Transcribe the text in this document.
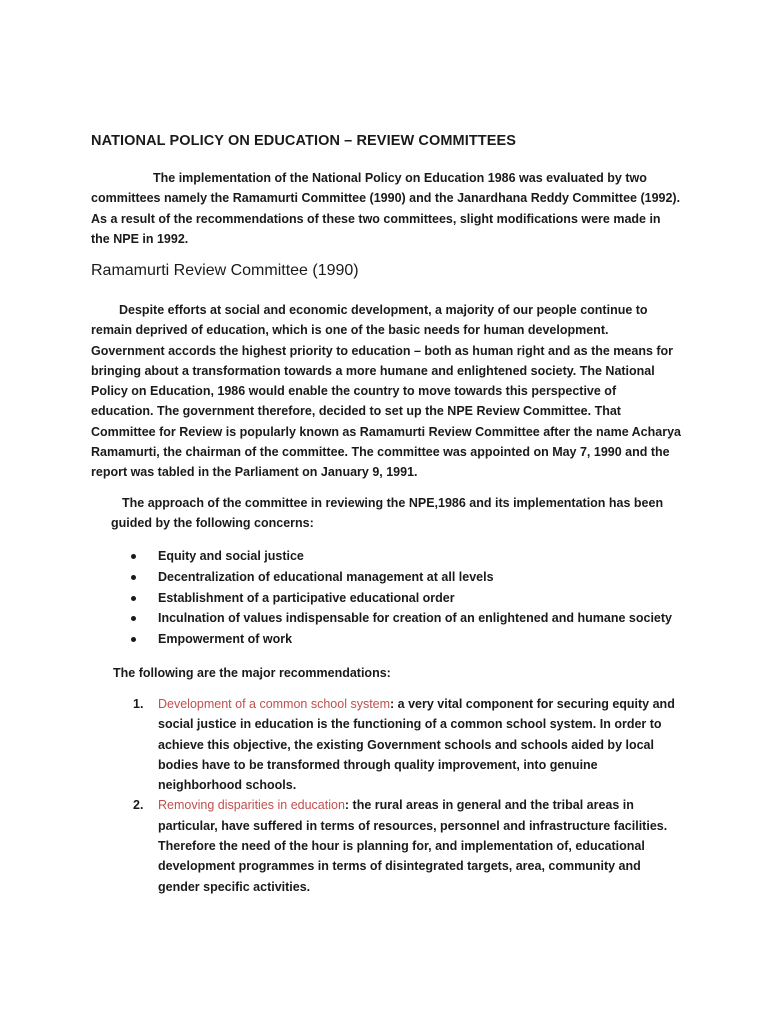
NATIONAL POLICY ON EDUCATION – REVIEW COMMITTEES

The implementation of the National Policy on Education 1986 was evaluated by two committees namely the Ramamurti Committee (1990) and the Janardhana Reddy Committee (1992). As a result of the recommendations of these two committees, slight modifications were made in the NPE in 1992.

Ramamurti Review Committee (1990)

Despite efforts at social and economic development, a majority of our people continue to remain deprived of education, which is one of the basic needs for human development. Government accords the highest priority to education – both as human right and as the means for bringing about a transformation towards a more humane and enlightened society. The National Policy on Education, 1986 would enable the country to move towards this perspective of education. The government therefore, decided to set up the NPE Review Committee. That Committee for Review is popularly known as Ramamurti Review Committee after the name Acharya Ramamurti, the chairman of the committee. The committee was appointed on May 7, 1990 and the report was tabled in the Parliament on January 9, 1991.

The approach of the committee in reviewing the NPE,1986 and its implementation has been guided by the following concerns:

Equity and social justice
Decentralization of educational management at all levels
Establishment of a participative educational order
Inculnation of values indispensable for creation of an enlightened and humane society
Empowerment of work

The following are the major recommendations:

1. Development of a common school system: a very vital component for securing equity and social justice in education is the functioning of a common school system. In order to achieve this objective, the existing Government schools and schools aided by local bodies have to be transformed through quality improvement, into genuine neighborhood schools.
2. Removing disparities in education: the rural areas in general and the tribal areas in particular, have suffered in terms of resources, personnel and infrastructure facilities. Therefore the need of the hour is planning for, and implementation of, educational development programmes in terms of disintegrated targets, area, community and gender specific activities.
